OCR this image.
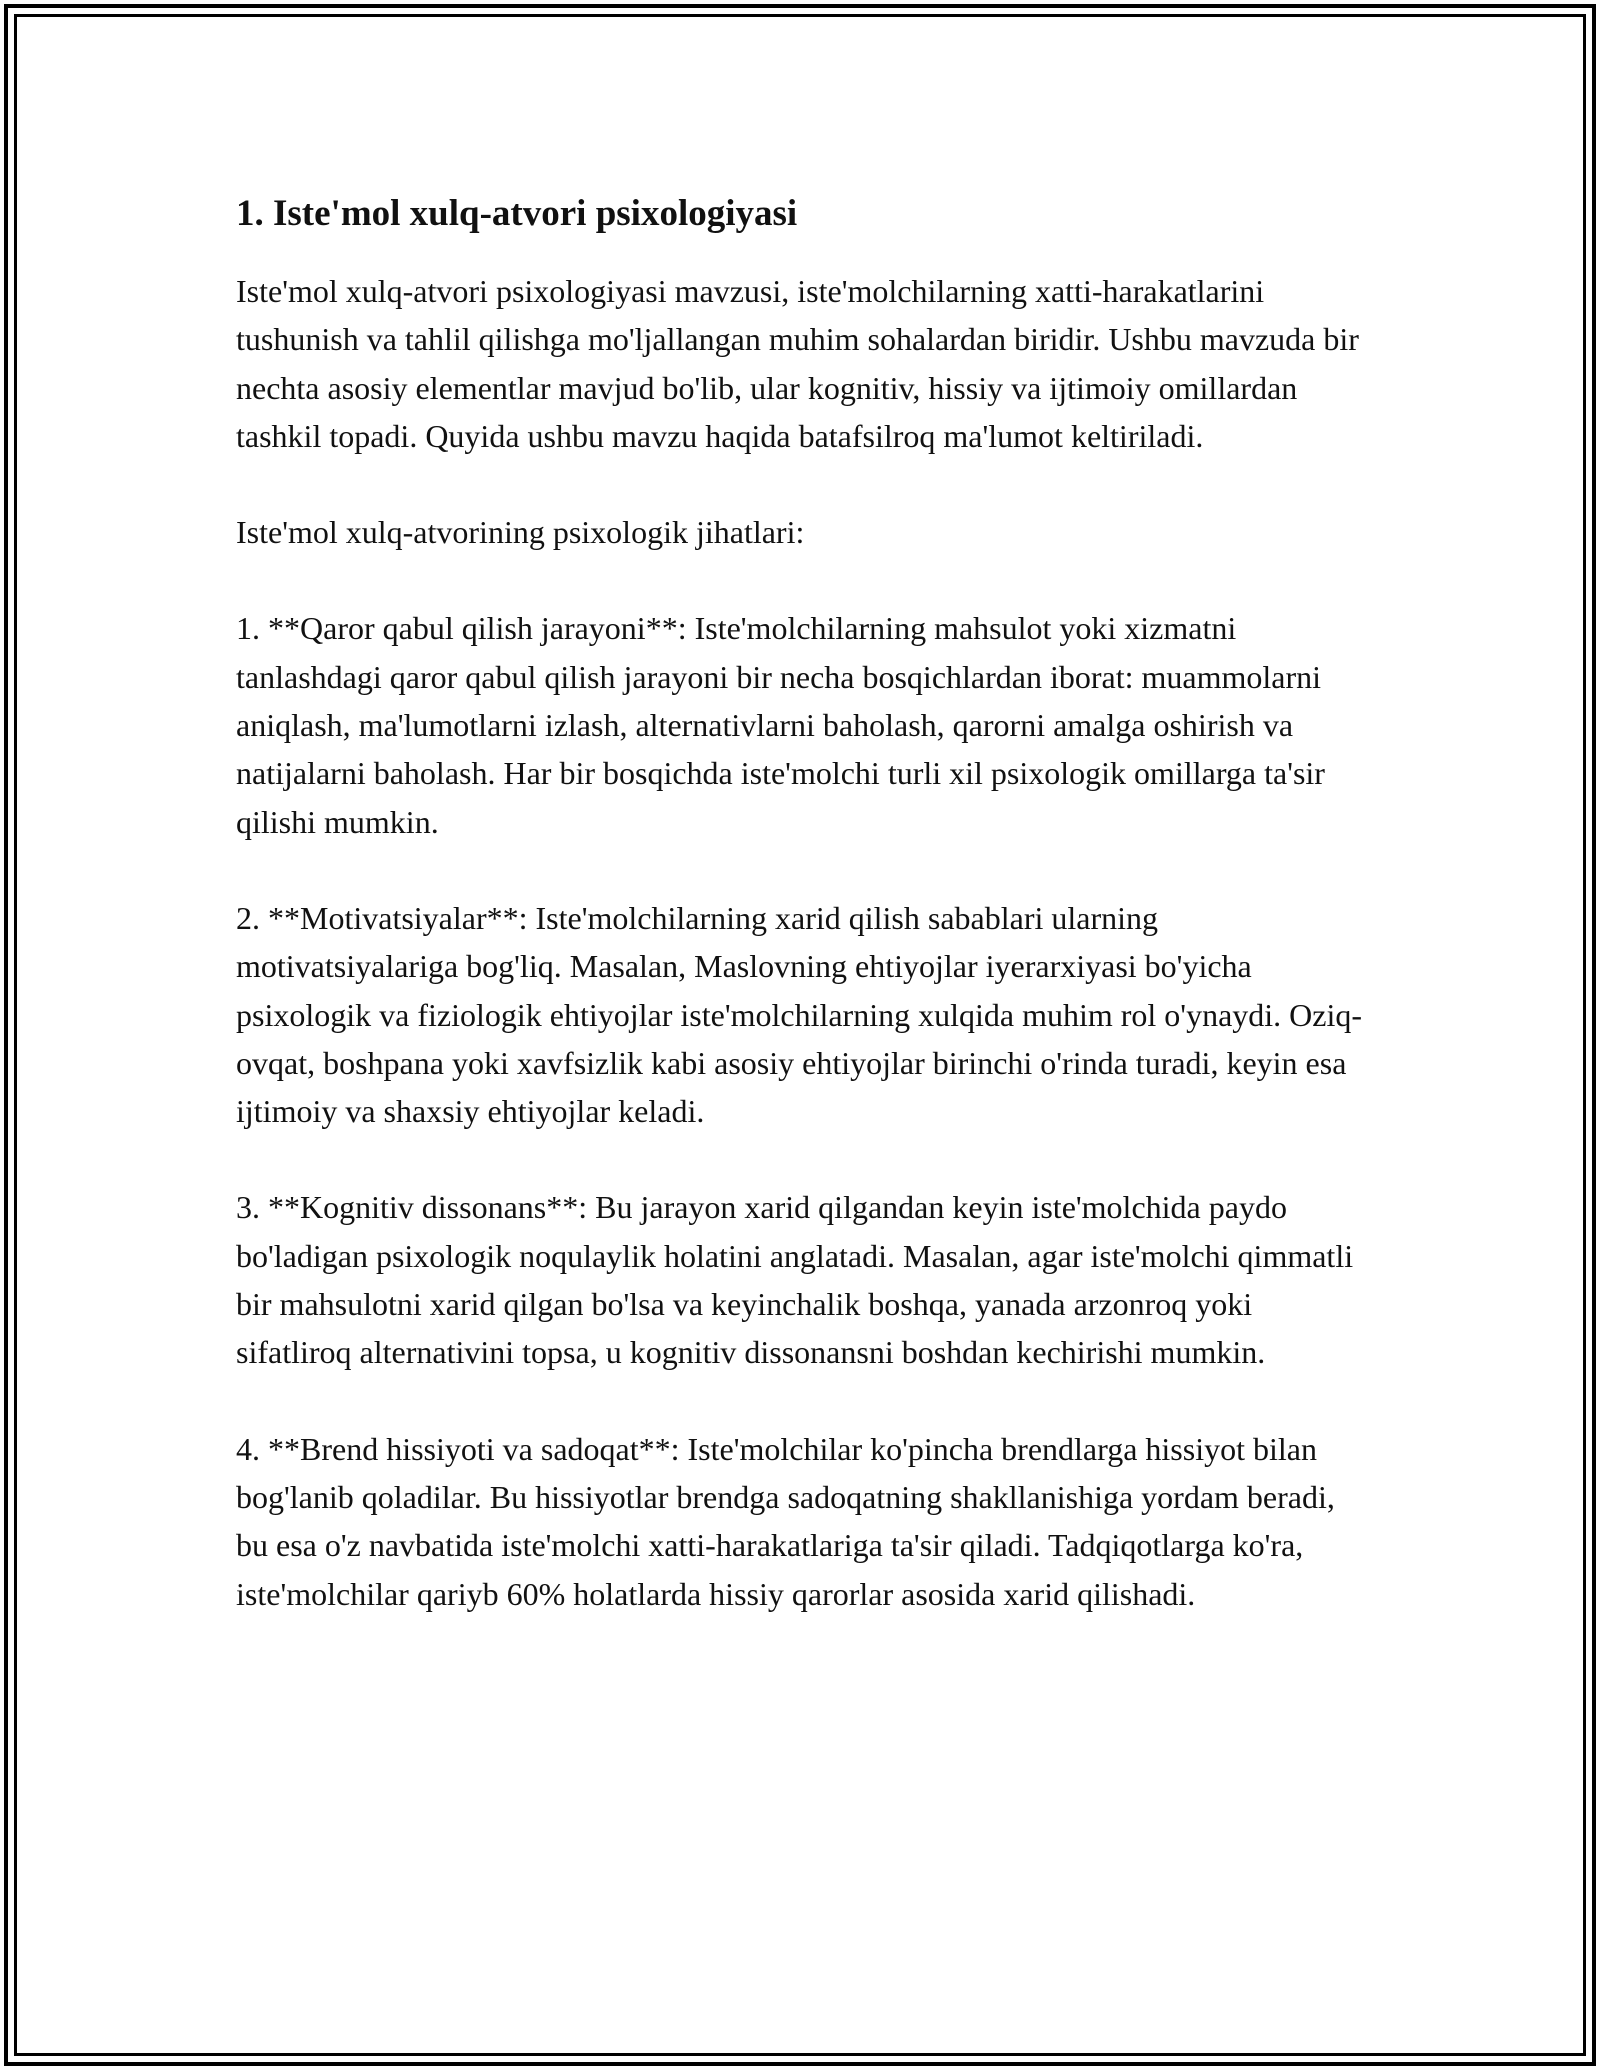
1. Iste'mol xulq-atvori psixologiyasi

Iste'mol xulq-atvori psixologiyasi mavzusi, iste'molchilarning xatti-harakatlarini tushunish va tahlil qilishga mo'ljallangan muhim sohalardan biridir. Ushbu mavzuda bir nechta asosiy elementlar mavjud bo'lib, ular kognitiv, hissiy va ijtimoiy omillardan tashkil topadi. Quyida ushbu mavzu haqida batafsilroq ma'lumot keltiriladi.

Iste'mol xulq-atvorining psixologik jihatlari:

1. **Qaror qabul qilish jarayoni**: Iste'molchilarning mahsulot yoki xizmatni tanlashdagi qaror qabul qilish jarayoni bir necha bosqichlardan iborat: muammolarni aniqlash, ma'lumotlarni izlash, alternativlarni baholash, qarorni amalga oshirish va natijalarni baholash. Har bir bosqichda iste'molchi turli xil psixologik omillarga ta'sir qilishi mumkin.

2. **Motivatsiyalar**: Iste'molchilarning xarid qilish sabablari ularning motivatsiyalariga bog'liq. Masalan, Maslovning ehtiyojlar iyerarxiyasi bo'yicha psixologik va fiziologik ehtiyojlar iste'molchilarning xulqida muhim rol o'ynaydi. Oziq-ovqat, boshpana yoki xavfsizlik kabi asosiy ehtiyojlar birinchi o'rinda turadi, keyin esa ijtimoiy va shaxsiy ehtiyojlar keladi.

3. **Kognitiv dissonans**: Bu jarayon xarid qilgandan keyin iste'molchida paydo bo'ladigan psixologik noqulaylik holatini anglatadi. Masalan, agar iste'molchi qimmatli bir mahsulotni xarid qilgan bo'lsa va keyinchalik boshqa, yanada arzonroq yoki sifatliroq alternativini topsa, u kognitiv dissonansni boshdan kechirishi mumkin.

4. **Brend hissiyoti va sadoqat**: Iste'molchilar ko'pincha brendlarga hissiyot bilan bog'lanib qoladilar. Bu hissiyotlar brendga sadoqatning shakllanishiga yordam beradi, bu esa o'z navbatida iste'molchi xatti-harakatlariga ta'sir qiladi. Tadqiqotlarga ko'ra, iste'molchilar qariyb 60% holatlarda hissiy qarorlar asosida xarid qilishadi.
